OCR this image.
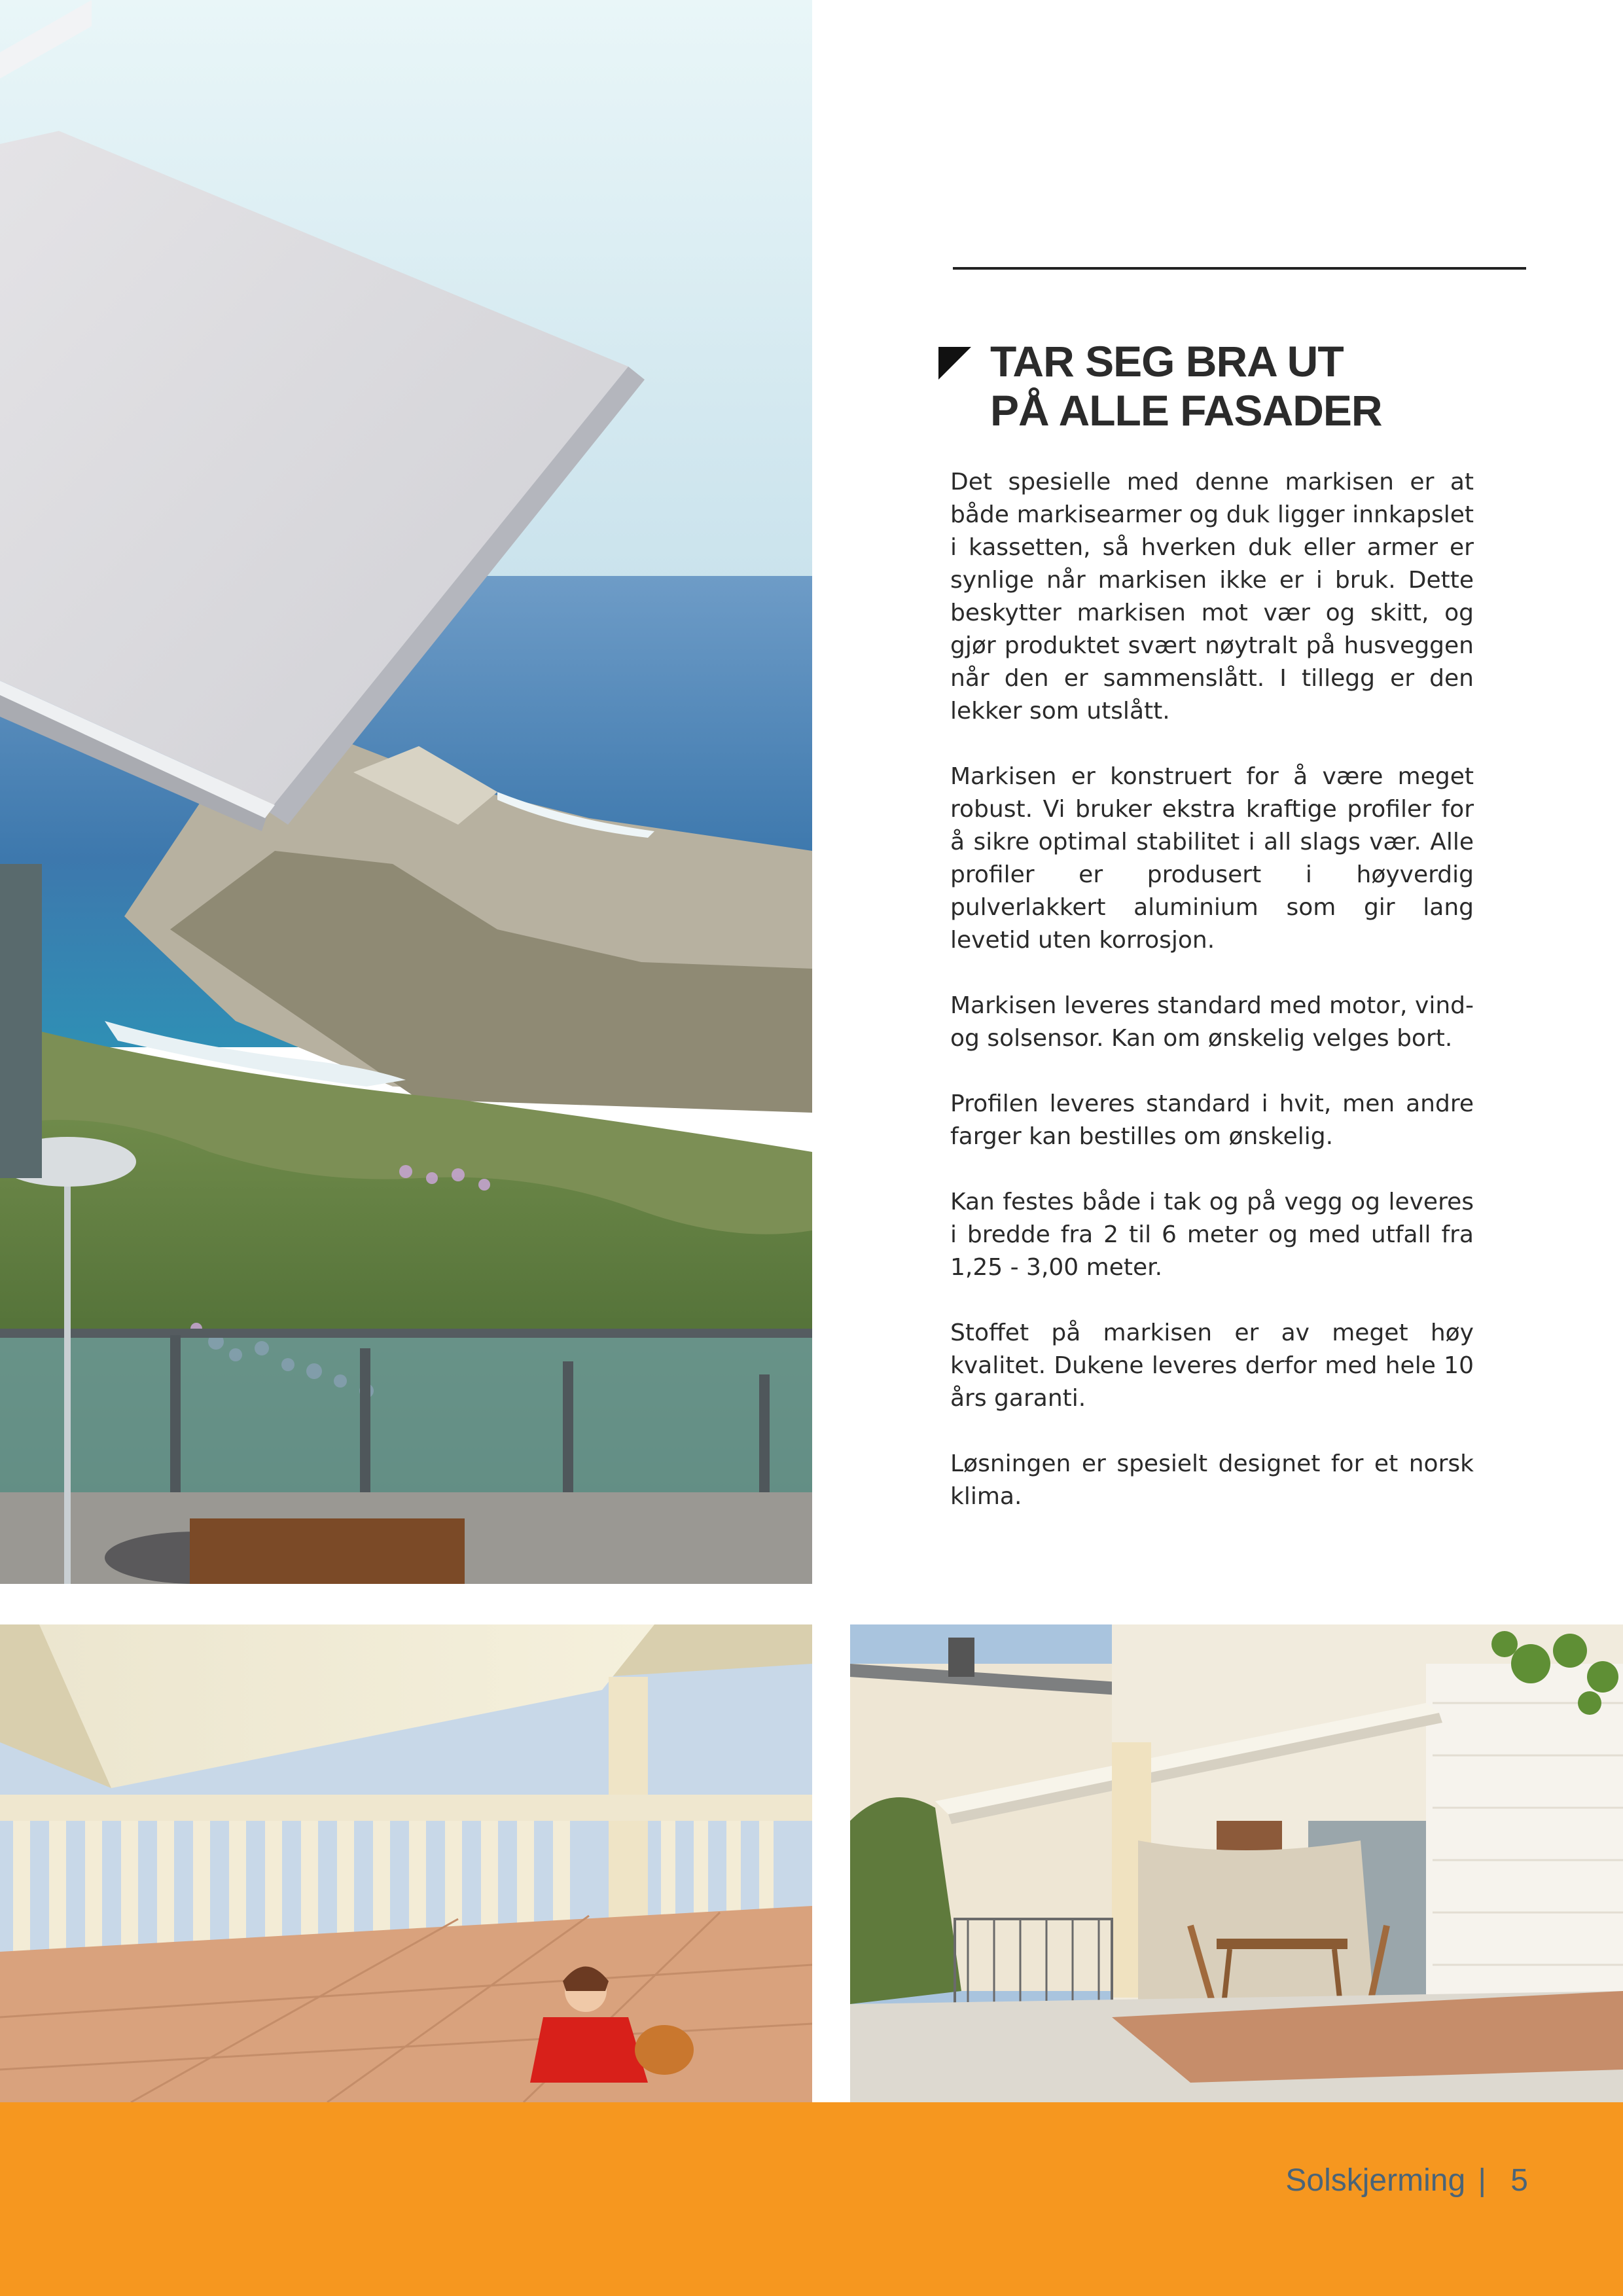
TAR SEG BRA UT
PÅ ALLE FASADER

Det spesielle med denne markisen er at både markisearmer og duk ligger innkapslet i kassetten, så hverken duk eller armer er synlige når markisen ikke er i bruk. Dette beskytter markisen mot vær og skitt, og gjør produktet svært nøytralt på husveggen når den er sammenslått. I tillegg er den lekker som utslått.

Markisen er konstruert for å være meget robust. Vi bruker ekstra kraftige profiler for å sikre optimal stabilitet i all slags vær. Alle profiler er produsert i høyverdig pulverlakkert aluminium som gir lang levetid uten korrosjon.

Markisen leveres standard med motor, vind- og solsensor. Kan om ønskelig velges bort.

Profilen leveres standard i hvit, men andre farger kan bestilles om ønskelig.

Kan festes både i tak og på vegg og leveres i bredde fra 2 til 6 meter og med utfall fra 1,25 - 3,00 meter.

Stoffet på markisen er av meget høy kvalitet. Dukene leveres derfor med hele 10 års garanti.

Løsningen er spesielt designet for et norsk klima.

Solskjerming | 5
